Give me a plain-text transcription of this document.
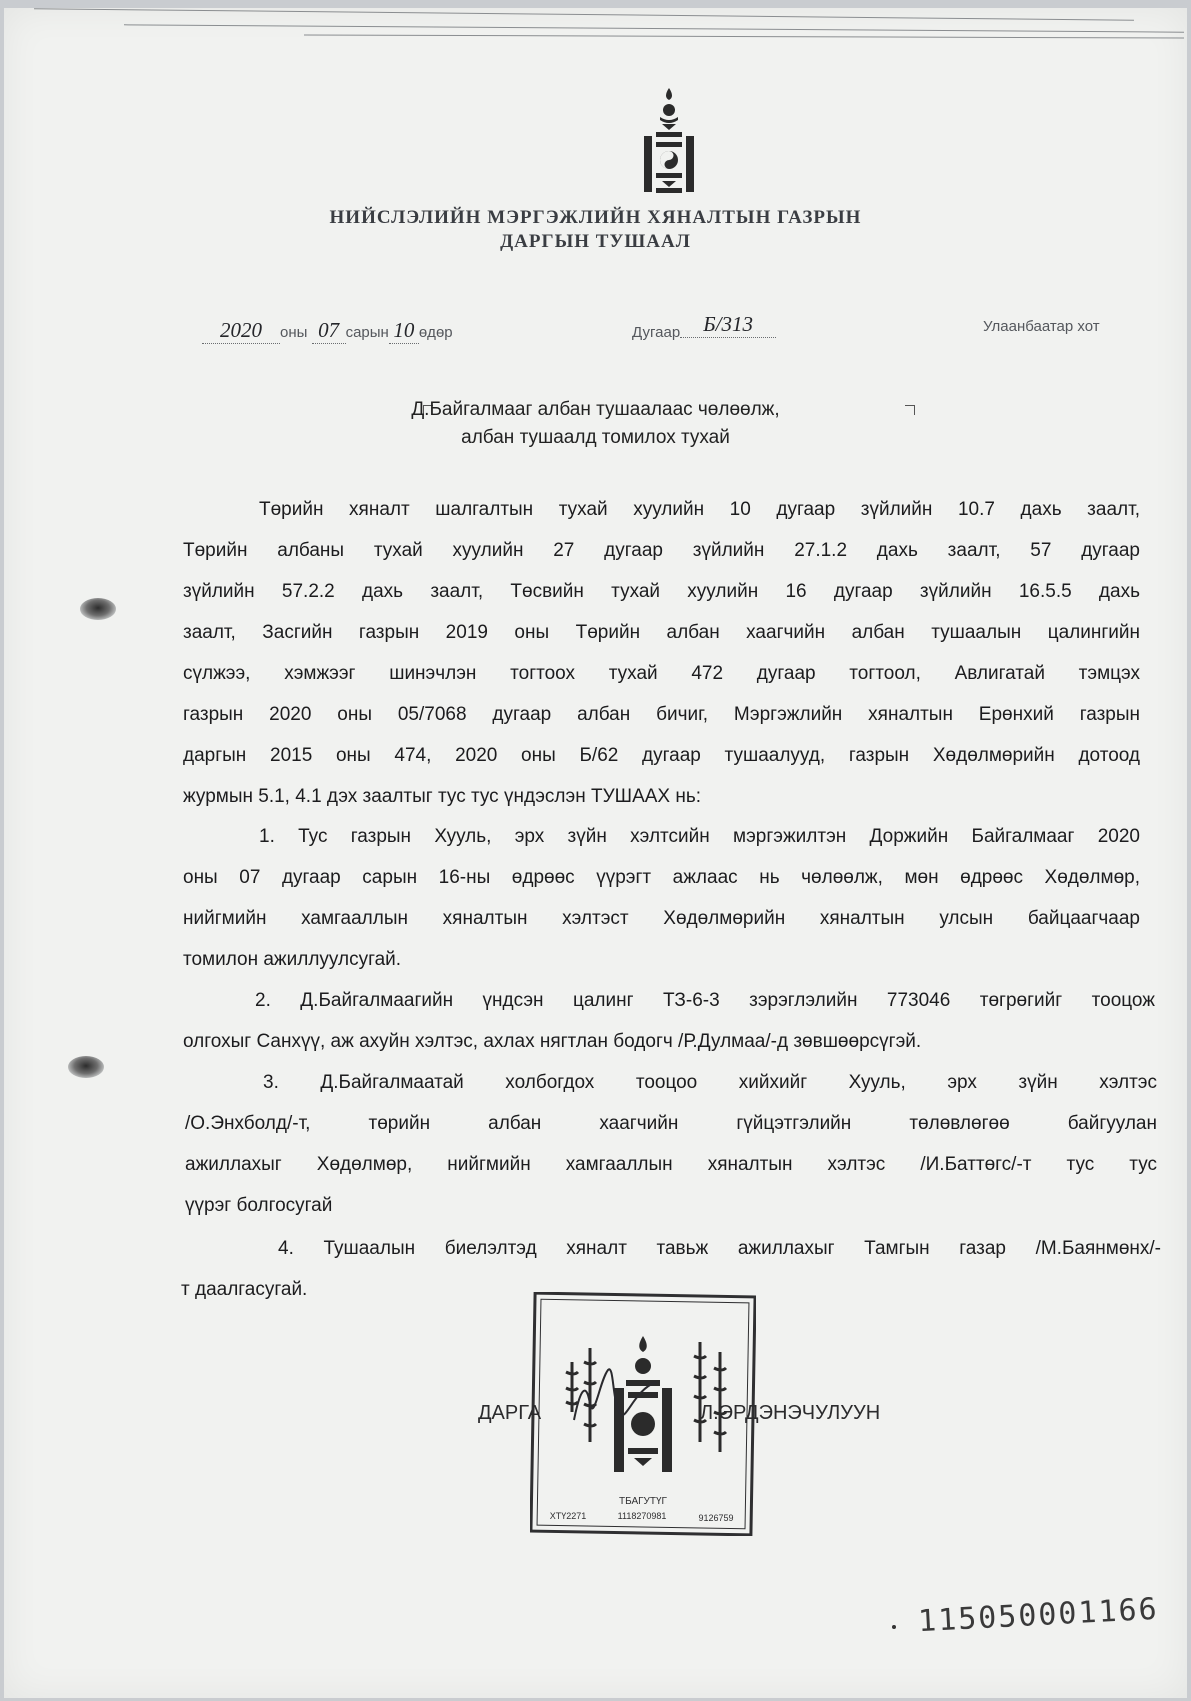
НИЙСЛЭЛИЙН МЭРГЭЖЛИЙН ХЯНАЛТЫН ГАЗРЫН
ДАРГЫН ТУШААЛ
2020 оны 07 сарын 10 өдөр	Дугаар Б/313	Улаанбаатар хот
Д.Байгалмааг албан тушаалаас чөлөөлж,
албан тушаалд томилох тухай
Төрийн хяналт шалгалтын тухай хуулийн 10 дугаар зүйлийн 10.7 дахь заалт,
Төрийн албаны тухай хуулийн 27 дугаар зүйлийн 27.1.2 дахь заалт, 57 дугаар
зүйлийн 57.2.2 дахь заалт, Төсвийн тухай хуулийн 16 дугаар зүйлийн 16.5.5 дахь
заалт, Засгийн газрын 2019 оны Төрийн албан хаагчийн албан тушаалын цалингийн
сүлжээ, хэмжээг шинэчлэн тогтоох тухай 472 дугаар тогтоол, Авлигатай тэмцэх
газрын 2020 оны 05/7068 дугаар албан бичиг, Мэргэжлийн хяналтын Ерөнхий газрын
даргын 2015 оны 474, 2020 оны Б/62 дугаар тушаалууд, газрын Хөдөлмөрийн дотоод
журмын 5.1, 4.1 дэх заалтыг тус тус үндэслэн ТУШААХ нь:
1. Тус газрын Хууль, эрх зүйн хэлтсийн мэргэжилтэн Доржийн Байгалмааг 2020
оны 07 дугаар сарын 16-ны өдрөөс үүрэгт ажлаас нь чөлөөлж, мөн өдрөөс Хөдөлмөр,
нийгмийн хамгааллын хяналтын хэлтэст Хөдөлмөрийн хяналтын улсын байцаагчаар
томилон ажиллуулсугай.
2. Д.Байгалмаагийн үндсэн цалинг ТЗ-6-3 зэрэглэлийн 773046 төгрөгийг тооцож
олгохыг Санхүү, аж ахуйн хэлтэс, ахлах нягтлан бодогч /Р.Дулмаа/-д зөвшөөрсүгэй.
3. Д.Байгалмаатай холбогдох тооцоо хийхийг Хууль, эрх зүйн хэлтэс
/О.Энхболд/-т, төрийн албан хаагчийн гүйцэтгэлийн төлөвлөгөө байгуулан
ажиллахыг Хөдөлмөр, нийгмийн хамгааллын хяналтын хэлтэс /И.Баттөгс/-т тус тус
үүрэг болгосугай
4. Тушаалын биелэлтэд хяналт тавьж ажиллахыг Тамгын газар /М.Баянмөнх/-
т даалгасугай.
ТБАГУТҮГ
ХТҮ2271	1118270981	9126759
ДАРГА	Л.ЭРДЭНЭЧУЛУУН
115050001166
